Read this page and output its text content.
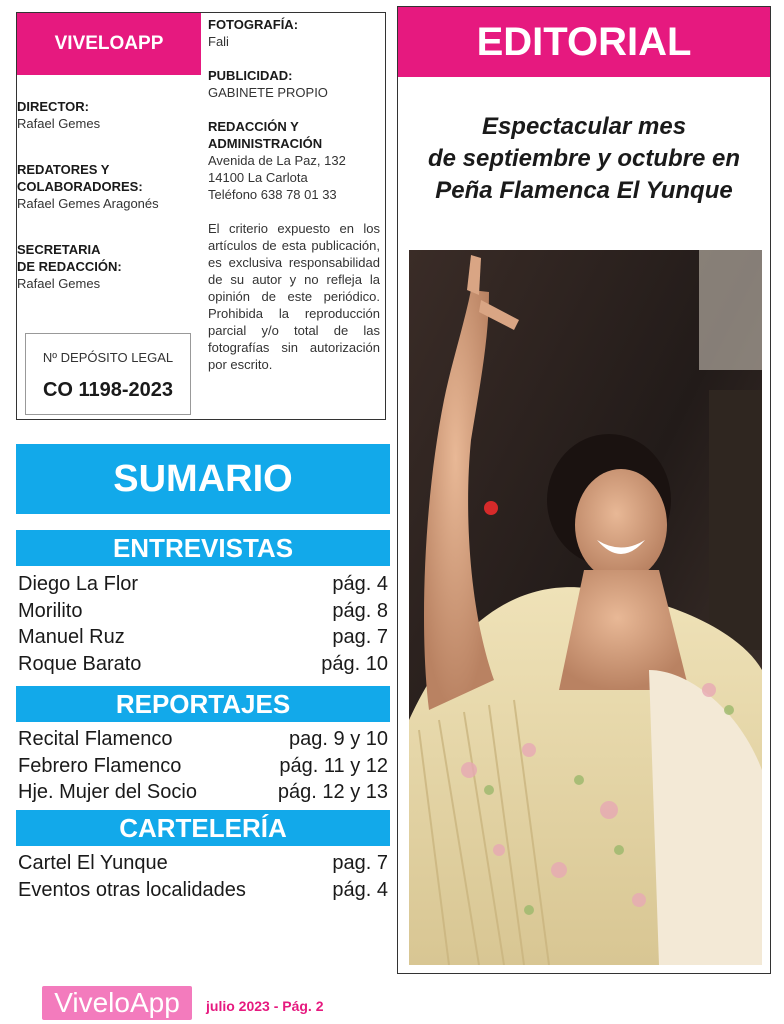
VIVELOAPP
DIRECTOR:
Rafael Gemes
REDATORES Y
COLABORADORES:
Rafael Gemes Aragonés
SECRETARIA
DE REDACCIÓN:
Rafael Gemes
Nº DEPÓSITO LEGAL
CO 1198-2023
FOTOGRAFÍA:
Fali
PUBLICIDAD:
GABINETE PROPIO
REDACCIÓN Y
ADMINISTRACIÓN
Avenida de La Paz, 132
14100 La Carlota
Teléfono 638 78 01 33

El criterio expuesto en los artículos de esta publicación, es exclusiva responsabilidad de su autor y no refleja la opinión de este periódico. Prohibida la reproducción parcial y/o total de las fotografías sin autorización por escrito.

SUMARIO
ENTREVISTAS
Diego La Flor	pág. 4
Morilito	pág. 8
Manuel Ruz	pag. 7
Roque Barato	pág. 10
REPORTAJES
Recital Flamenco	pag. 9 y 10
Febrero Flamenco	pág. 11 y 12
Hje. Mujer del Socio	pág. 12 y 13
CARTELERÍA
Cartel El Yunque	pag. 7
Eventos otras localidades	pág. 4
EDITORIAL
Espectacular mes
de septiembre y octubre en
Peña Flamenca El Yunque
ViveloApp	julio 2023 - Pág. 2
